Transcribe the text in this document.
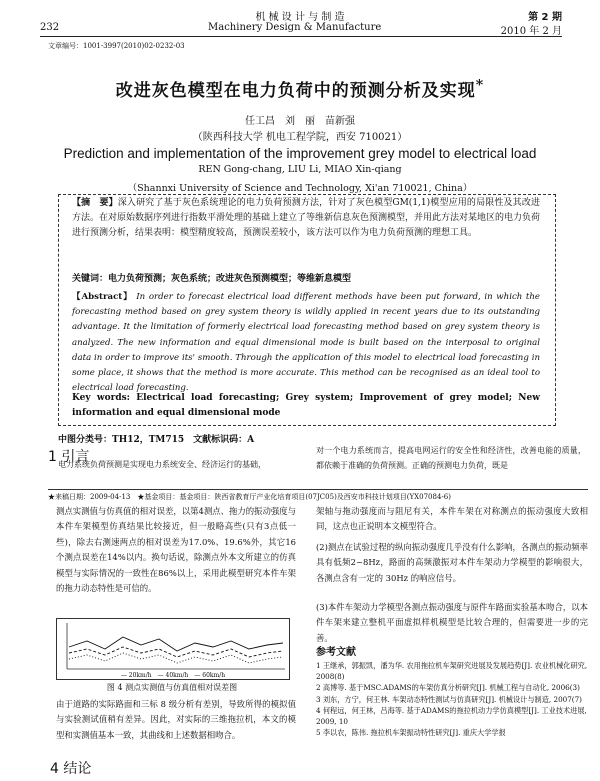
机 械 设 计 与 制 造	第 2 期
232	Machinery Design & Manufacture	2010 年 2 月
文章编号：1001-3997(2010)02-0232-03
改进灰色模型在电力负荷中的预测分析及实现*
任工昌　刘　丽　苗新强
（陕西科技大学 机电工程学院，西安 710021）
Prediction and implementation of the improvement grey model to electrical load
REN Gong-chang, LIU Li, MIAO Xin-qiang
（Shannxi University of Science and Technology, Xi'an 710021, China）
【摘　要】深入研究了基于灰色系统理论的电力负荷预测方法，针对了灰色模型GM(1,1)模型应用的局限性及其改进方法。在对原始数据序列进行指数平滑处理的基础上建立了等维新信息灰色预测模型，并用此方法对某地区的电力负荷进行预测分析，结果表明：模型精度较高，预测误差较小，该方法可以作为电力负荷预测的理想工具。
关键词：电力负荷预测；灰色系统；改进灰色预测模型；等维新息模型
【Abstract】 In order to forecast electrical load different methods have been put forward, in which the forecasting method based on grey system theory is wildly applied in recent years due to its outstanding advantage. It the limitation of formerly electrical load forecasting method based on grey system theory is analyzed. The new information and equal dimensional mode is built based on the interposal to original data in order to improve its' smooth. Through the application of this model to electrical load forecasting in some place, it shows that the method is more accurate. This method can be recognised as an ideal tool to electrical load forecasting.
Key words: Electrical load forecasting; Grey system; Improvement of grey model; New information and equal dimensional mode
中图分类号：TH12，TM715　文献标识码：A
1 引言
电力系统负荷预测是实现电力系统安全、经济运行的基础，
对一个电力系统而言，提高电网运行的安全性和经济性，改善电能的质量，都依赖于准确的负荷预测。正确的预测电力负荷，既是
★来稿日期：2009-04-13　★基金项目：基金项目：陕西省教育厅产业化培育项目(07JC05)及西安市科技计划项目(YX07084-6)
测点实测值与仿真值的相对误差，以第4测点、拖力的振动强度与本件车架模型仿真结果比较接近，但一般略高些(只有3点低一些)，除去右测速两点的相对误差为17.0%、19.6%外，其它16个测点误差在14%以内。换句话说，除测点外本文所建立的仿真模型与实际情况的一致性在86%以上，采用此模型研究本件车架的拖力动态特性是可信的。
架轴与拖动强度而与阻尼有关，本件车架在对称测点的振动强度大致相同，这点也正说明本文模型符合。
(2)测点在试验过程的纵向振动强度几乎没有什么影响，各测点的振动频率具有低频2~8Hz，路面的高频激振对本件车架动力学模型的影响很大，各测点含有一定的 30Hz 的响应信号。
(3)本件车架动力学模型各测点振动强度与原件车路面实验基本吻合，以本件车架来建立整机平面虚拟样机模型是比较合理的，但需要进一步的完善。
— 20km/h　— 40km/h　— 60km/h
图 4 测点实测值与仿真值相对误差图
由于道路的实际路面和三标 8 级分析有差别，导致所得的模拟值与实验测试值稍有差异。因此，对实际的三维拖拉机，本文的模型和实测值基本一致，其曲线和上述数据相吻合。
4 结论
参考文献
1 王继承，郭振凯，潘为华. 农用拖拉机车架研究进展及发展趋势[J]. 农业机械化研究, 2008(8)
2 高博等. 基于MSC.ADAMS的车架仿真分析研究[J]. 机械工程与自动化, 2006(3)
3 刘东，方宁，何王林. 车架动态特性测试与仿真研究[J]. 机械设计与制造, 2007(7)
4 何程远，何王林，吕海等. 基于ADAMS的拖拉机动力学仿真模型[J]. 工业技术进展, 2009, 10
5 李以农，陈伟. 拖拉机车架振动特性研究[J]. 重庆大学学报
